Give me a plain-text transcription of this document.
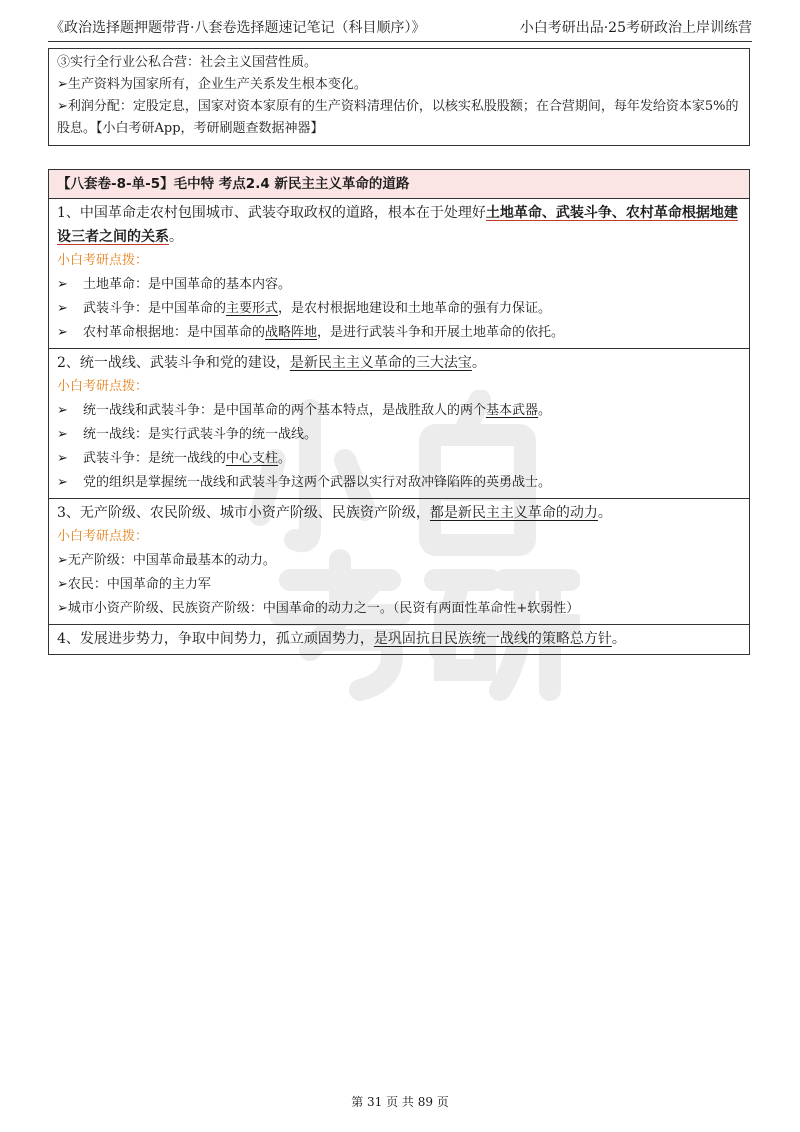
《政治选择题押题带背·八套卷选择题速记笔记（科目顺序）》	小白考研出品·25考研政治上岸训练营

③实行全行业公私合营：社会主义国营性质。

➢生产资料为国家所有，企业生产关系发生根本变化。

➢利润分配：定股定息，国家对资本家原有的生产资料清理估价，以核实私股股额；在合营期间，每年发给资本家5%的股息。【小白考研App，考研刷题查数据神器】

【八套卷-8-单-5】毛中特 考点2.4 新民主主义革命的道路
1、中国革命走农村包围城市、武装夺取政权的道路，根本在于处理好土地革命、武装斗争、农村革命根据地建设三者之间的关系。
小白考研点拨：
➢ 土地革命：是中国革命的基本内容。
➢ 武装斗争：是中国革命的主要形式，是农村根据地建设和土地革命的强有力保证。
➢ 农村革命根据地：是中国革命的战略阵地，是进行武装斗争和开展土地革命的依托。
2、统一战线、武装斗争和党的建设，是新民主主义革命的三大法宝。
小白考研点拨：
➢ 统一战线和武装斗争：是中国革命的两个基本特点，是战胜敌人的两个基本武器。
➢ 统一战线：是实行武装斗争的统一战线。
➢ 武装斗争：是统一战线的中心支柱。
➢ 党的组织是掌握统一战线和武装斗争这两个武器以实行对敌冲锋陷阵的英勇战士。
3、无产阶级、农民阶级、城市小资产阶级、民族资产阶级，都是新民主主义革命的动力。
小白考研点拨：
➢无产阶级：中国革命最基本的动力。
➢农民：中国革命的主力军
➢城市小资产阶级、民族资产阶级：中国革命的动力之一。（民资有两面性革命性+软弱性）
4、发展进步势力，争取中间势力，孤立顽固势力，是巩固抗日民族统一战线的策略总方针。
第 31 页 共 89 页
